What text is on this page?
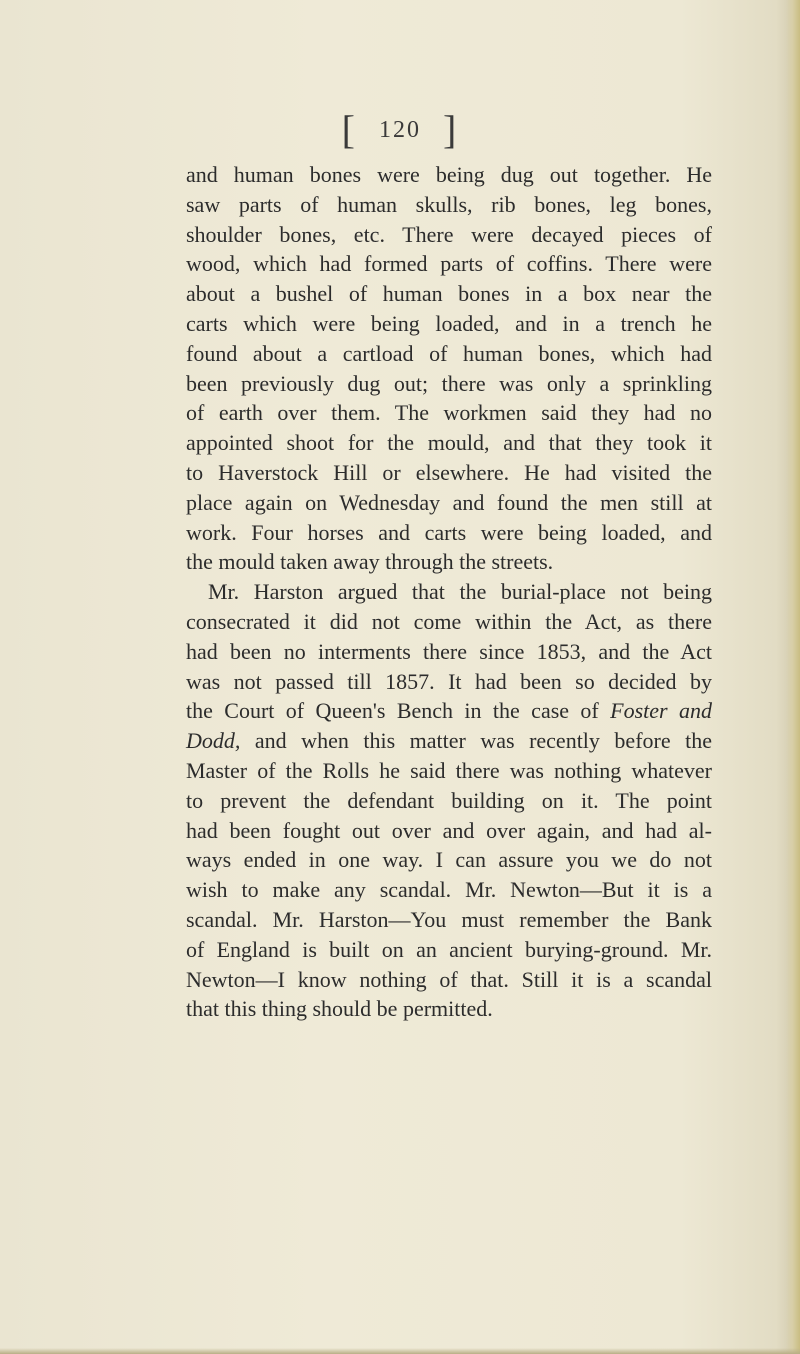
[ 120 ]
and human bones were being dug out together. He
saw parts of human skulls, rib bones, leg bones,
shoulder bones, etc. There were decayed pieces of
wood, which had formed parts of coffins. There were
about a bushel of human bones in a box near the
carts which were being loaded, and in a trench he
found about a cartload of human bones, which had
been previously dug out; there was only a sprinkling
of earth over them. The workmen said they had no
appointed shoot for the mould, and that they took it
to Haverstock Hill or elsewhere. He had visited the
place again on Wednesday and found the men still at
work. Four horses and carts were being loaded, and
the mould taken away through the streets.
Mr. Harston argued that the burial-place not being
consecrated it did not come within the Act, as there
had been no interments there since 1853, and the Act
was not passed till 1857. It had been so decided by
the Court of Queen's Bench in the case of Foster and
Dodd, and when this matter was recently before the
Master of the Rolls he said there was nothing whatever
to prevent the defendant building on it. The point
had been fought out over and over again, and had al-
ways ended in one way. I can assure you we do not
wish to make any scandal. Mr. Newton—But it is a
scandal. Mr. Harston—You must remember the Bank
of England is built on an ancient burying-ground. Mr.
Newton—I know nothing of that. Still it is a scandal
that this thing should be permitted.
